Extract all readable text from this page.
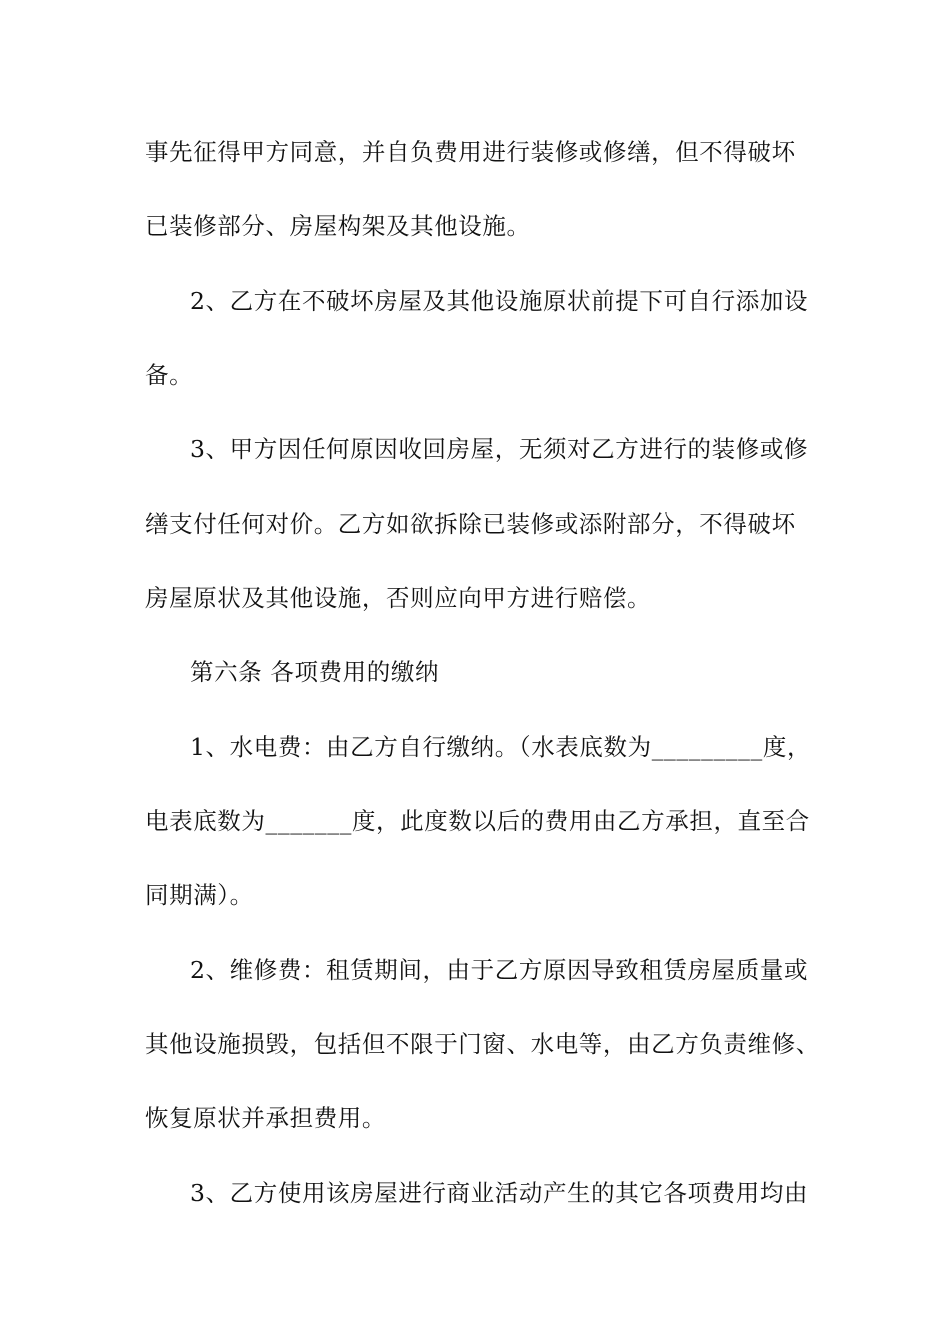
事先征得甲方同意，并自负费用进行装修或修缮，但不得破坏
已装修部分、房屋构架及其他设施。
2、乙方在不破坏房屋及其他设施原状前提下可自行添加设
备。
3、甲方因任何原因收回房屋，无须对乙方进行的装修或修
缮支付任何对价。乙方如欲拆除已装修或添附部分，不得破坏
房屋原状及其他设施，否则应向甲方进行赔偿。
第六条 各项费用的缴纳
1、水电费：由乙方自行缴纳。（水表底数为_________度，
电表底数为_______度，此度数以后的费用由乙方承担，直至合
同期满）。
2、维修费：租赁期间，由于乙方原因导致租赁房屋质量或
其他设施损毁，包括但不限于门窗、水电等，由乙方负责维修、
恢复原状并承担费用。
3、乙方使用该房屋进行商业活动产生的其它各项费用均由
